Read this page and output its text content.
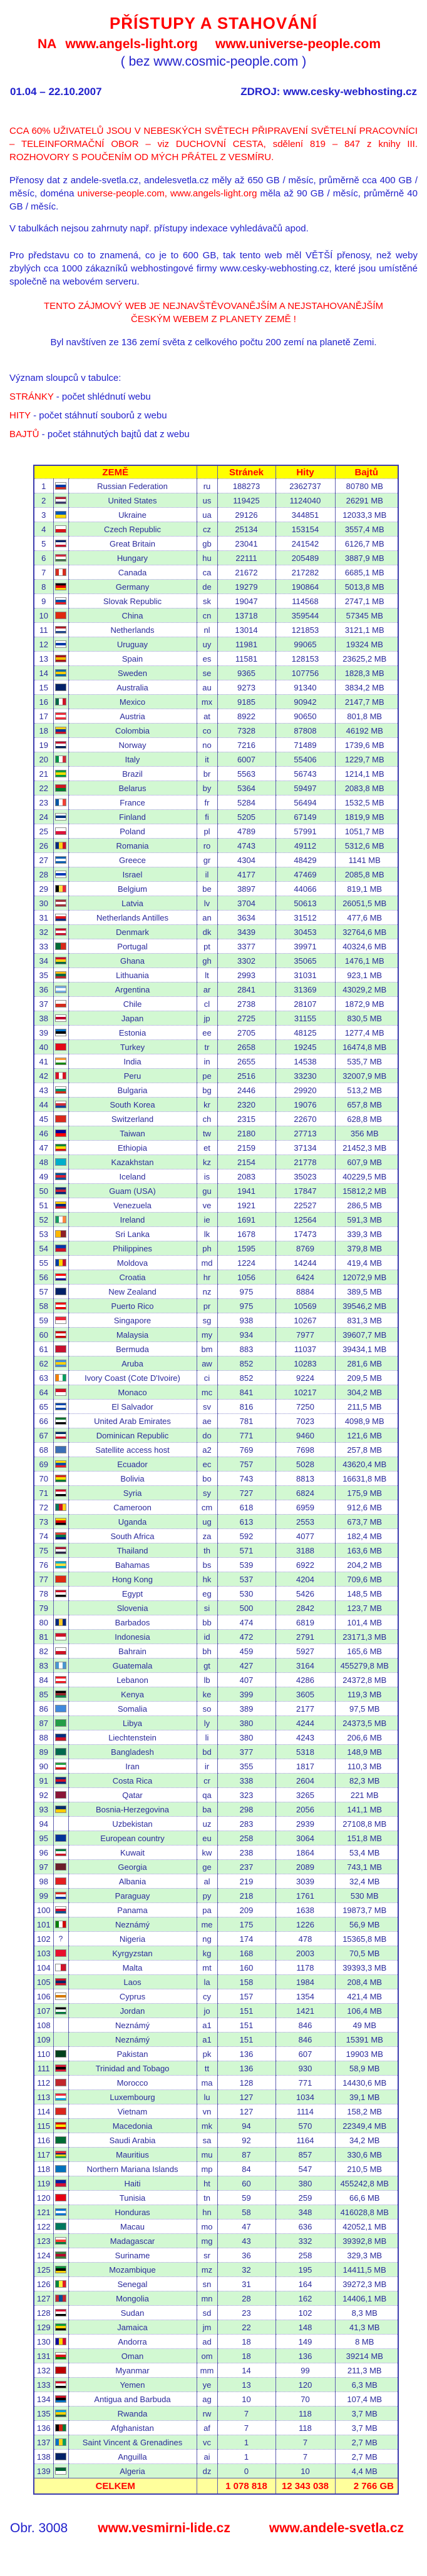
PŘÍSTUPY A STAHOVÁNÍ
NA www.angels-light.org www.universe-people.com
( bez www.cosmic-people.com )
01.04 – 22.10.2007	ZDROJ: www.cesky-webhosting.cz
CCA 60% UŽIVATELŮ JSOU V NEBESKÝCH SVĚTECH PŘIPRAVENÍ SVĚTELNÍ PRACOVNÍCI – TELEINFORMAČNÍ OBOR – viz DUCHOVNÍ CESTA, sdělení 819 – 847 z knihy III. ROZHOVORY S POUČENÍM OD MÝCH PŘÁTEL Z VESMÍRU.
Přenosy dat z andele-svetla.cz, andelesvetla.cz měly až 650 GB / měsíc, průměrně cca 400 GB / měsíc, doména universe-people.com, www.angels-light.org měla až 90 GB / měsíc, průměrně 40 GB / měsíc.
V tabulkách nejsou zahrnuty např. přístupy indexace vyhledávačů apod.
Pro představu co to znamená, co je to 600 GB, tak tento web měl VĚTŠÍ přenosy, než weby zbylých cca 1000 zákazníků webhostingové firmy www.cesky-webhosting.cz, které jsou umístěné společně na webovém serveru.
TENTO ZÁJMOVÝ WEB JE NEJNAVŠTĚVOVANĚJŠÍM A NEJSTAHOVANĚJŠÍM ČESKÝM WEBEM Z PLANETY ZEMĚ !
Byl navštíven ze 136 zemí světa z celkového počtu 200 zemí na planetě Zemi.
Význam sloupců v tabulce:
STRÁNKY - počet shlédnutí webu
HITY - počet stáhnutí souborů z webu
BAJTŮ - počet stáhnutých bajtů dat z webu
ZEMĚ				Stránek	Hity	Bajtů
1		Russian Federation	ru	188273	2362737	80780 MB
2		United States	us	119425	1124040	26291 MB
3		Ukraine	ua	29126	344851	12033,3 MB
4		Czech Republic	cz	25134	153154	3557,4 MB
5		Great Britain	gb	23041	241542	6126,7 MB
6		Hungary	hu	22111	205489	3887,9 MB
7		Canada	ca	21672	217282	6685,1 MB
8		Germany	de	19279	190864	5013,8 MB
9		Slovak Republic	sk	19047	114568	2747,1 MB
10		China	cn	13718	359544	57345 MB
11		Netherlands	nl	13014	121853	3121,1 MB
12		Uruguay	uy	11981	99065	19324 MB
13		Spain	es	11581	128153	23625,2 MB
14		Sweden	se	9365	107756	1828,3 MB
15		Australia	au	9273	91340	3834,2 MB
16		Mexico	mx	9185	90942	2147,7 MB
17		Austria	at	8922	90650	801,8 MB
18		Colombia	co	7328	87808	46192 MB
19		Norway	no	7216	71489	1739,6 MB
20		Italy	it	6007	55406	1229,7 MB
21		Brazil	br	5563	56743	1214,1 MB
22		Belarus	by	5364	59497	2083,8 MB
23		France	fr	5284	56494	1532,5 MB
24		Finland	fi	5205	67149	1819,9 MB
25		Poland	pl	4789	57991	1051,7 MB
26		Romania	ro	4743	49112	5312,6 MB
27		Greece	gr	4304	48429	1141 MB
28		Israel	il	4177	47469	2085,8 MB
29		Belgium	be	3897	44066	819,1 MB
30		Latvia	lv	3704	50613	26051,5 MB
31		Netherlands Antilles	an	3634	31512	477,6 MB
32		Denmark	dk	3439	30453	32764,6 MB
33		Portugal	pt	3377	39971	40324,6 MB
34		Ghana	gh	3302	35065	1476,1 MB
35		Lithuania	lt	2993	31031	923,1 MB
36		Argentina	ar	2841	31369	43029,2 MB
37		Chile	cl	2738	28107	1872,9 MB
38		Japan	jp	2725	31155	830,5 MB
39		Estonia	ee	2705	48125	1277,4 MB
40		Turkey	tr	2658	19245	16474,8 MB
41		India	in	2655	14538	535,7 MB
42		Peru	pe	2516	33230	32007,9 MB
43		Bulgaria	bg	2446	29920	513,2 MB
44		South Korea	kr	2320	19076	657,8 MB
45		Switzerland	ch	2315	22670	628,8 MB
46		Taiwan	tw	2180	27713	356 MB
47		Ethiopia	et	2159	37134	21452,3 MB
48		Kazakhstan	kz	2154	21778	607,9 MB
49		Iceland	is	2083	35023	40229,5 MB
50		Guam (USA)	gu	1941	17847	15812,2 MB
51		Venezuela	ve	1921	22527	286,5 MB
52		Ireland	ie	1691	12564	591,3 MB
53		Sri Lanka	lk	1678	17473	339,3 MB
54		Philippines	ph	1595	8769	379,8 MB
55		Moldova	md	1224	14244	419,4 MB
56		Croatia	hr	1056	6424	12072,9 MB
57		New Zealand	nz	975	8884	389,5 MB
58		Puerto Rico	pr	975	10569	39546,2 MB
59		Singapore	sg	938	10267	831,3 MB
60		Malaysia	my	934	7977	39607,7 MB
61		Bermuda	bm	883	11037	39434,1 MB
62		Aruba	aw	852	10283	281,6 MB
63		Ivory Coast (Cote D'Ivoire)	ci	852	9224	209,5 MB
64		Monaco	mc	841	10217	304,2 MB
65		El Salvador	sv	816	7250	211,5 MB
66		United Arab Emirates	ae	781	7023	4098,9 MB
67		Dominican Republic	do	771	9460	121,6 MB
68		Satellite access host	a2	769	7698	257,8 MB
69		Ecuador	ec	757	5028	43620,4 MB
70		Bolivia	bo	743	8813	16631,8 MB
71		Syria	sy	727	6824	175,9 MB
72		Cameroon	cm	618	6959	912,6 MB
73		Uganda	ug	613	2553	673,7 MB
74		South Africa	za	592	4077	182,4 MB
75		Thailand	th	571	3188	163,6 MB
76		Bahamas	bs	539	6922	204,2 MB
77		Hong Kong	hk	537	4204	709,6 MB
78		Egypt	eg	530	5426	148,5 MB
79		Slovenia	si	500	2842	123,7 MB
80		Barbados	bb	474	6819	101,4 MB
81		Indonesia	id	472	2791	23171,3 MB
82		Bahrain	bh	459	5927	165,6 MB
83		Guatemala	gt	427	3164	455279,8 MB
84		Lebanon	lb	407	4286	24372,8 MB
85		Kenya	ke	399	3605	119,3 MB
86		Somalia	so	389	2177	97,5 MB
87		Libya	ly	380	4244	24373,5 MB
88		Liechtenstein	li	380	4243	206,6 MB
89		Bangladesh	bd	377	5318	148,9 MB
90		Iran	ir	355	1817	110,3 MB
91		Costa Rica	cr	338	2604	82,3 MB
92		Qatar	qa	323	3265	221 MB
93		Bosnia-Herzegovina	ba	298	2056	141,1 MB
94		Uzbekistan	uz	283	2939	27108,8 MB
95		European country	eu	258	3064	151,8 MB
96		Kuwait	kw	238	1864	53,4 MB
97		Georgia	ge	237	2089	743,1 MB
98		Albania	al	219	3039	32,4 MB
99		Paraguay	py	218	1761	530 MB
100		Panama	pa	209	1638	19873,7 MB
101		Neznámý	me	175	1226	56,9 MB
102	?	Nigeria	ng	174	478	15365,8 MB
103		Kyrgyzstan	kg	168	2003	70,5 MB
104		Malta	mt	160	1178	39393,3 MB
105		Laos	la	158	1984	208,4 MB
106		Cyprus	cy	157	1354	421,4 MB
107		Jordan	jo	151	1421	106,4 MB
108		Neznámý	a1	151	846	49 MB
109		Neznámý	a1	151	846	15391 MB
110		Pakistan	pk	136	607	19903 MB
111		Trinidad and Tobago	tt	136	930	58,9 MB
112		Morocco	ma	128	771	14430,6 MB
113		Luxembourg	lu	127	1034	39,1 MB
114		Vietnam	vn	127	1114	158,2 MB
115		Macedonia	mk	94	570	22349,4 MB
116		Saudi Arabia	sa	92	1164	34,2 MB
117		Mauritius	mu	87	857	330,6 MB
118		Northern Mariana Islands	mp	84	547	210,5 MB
119		Haiti	ht	60	380	455242,8 MB
120		Tunisia	tn	59	259	66,6 MB
121		Honduras	hn	58	348	416028,8 MB
122		Macau	mo	47	636	42052,1 MB
123		Madagascar	mg	43	332	39392,8 MB
124		Suriname	sr	36	258	329,3 MB
125		Mozambique	mz	32	195	14411,5 MB
126		Senegal	sn	31	164	39272,3 MB
127		Mongolia	mn	28	162	14406,1 MB
128		Sudan	sd	23	102	8,3 MB
129		Jamaica	jm	22	148	41,3 MB
130		Andorra	ad	18	149	8 MB
131		Oman	om	18	136	39214 MB
132		Myanmar	mm	14	99	211,3 MB
133		Yemen	ye	13	120	6,3 MB
134		Antigua and Barbuda	ag	10	70	107,4 MB
135		Rwanda	rw	7	118	3,7 MB
136		Afghanistan	af	7	118	3,7 MB
137		Saint Vincent & Grenadines	vc	1	7	2,7 MB
138		Anguilla	ai	1	7	2,7 MB
139		Algeria	dz	0	10	4,4 MB
CELKEM				1 078 818	12 343 038	2 766 GB
Obr. 3008 www.vesmirni-lide.cz	www.andele-svetla.cz
